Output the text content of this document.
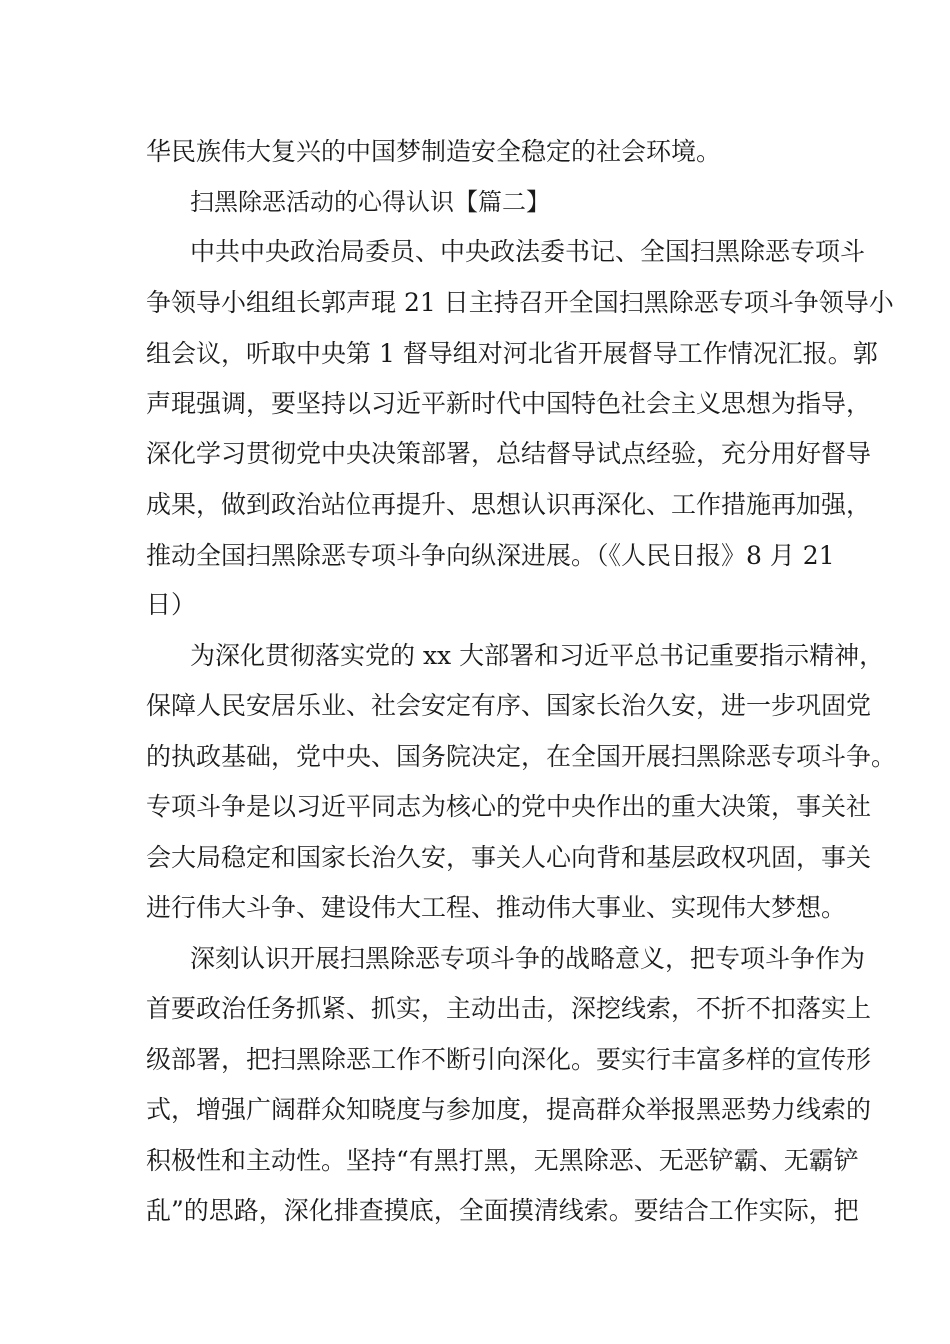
华民族伟大复兴的中国梦制造安全稳定的社会环境。
扫黑除恶活动的心得认识【篇二】
中共中央政治局委员、中央政法委书记、全国扫黑除恶专项斗
争领导小组组长郭声琨 21 日主持召开全国扫黑除恶专项斗争领导小
组会议，听取中央第 1 督导组对河北省开展督导工作情况汇报。郭
声琨强调，要坚持以习近平新时代中国特色社会主义思想为指导，
深化学习贯彻党中央决策部署，总结督导试点经验，充分用好督导
成果，做到政治站位再提升、思想认识再深化、工作措施再加强，
推动全国扫黑除恶专项斗争向纵深进展。（《人民日报》8 月 21
日）
为深化贯彻落实党的 xx 大部署和习近平总书记重要指示精神，
保障人民安居乐业、社会安定有序、国家长治久安，进一步巩固党
的执政基础，党中央、国务院决定，在全国开展扫黑除恶专项斗争。
专项斗争是以习近平同志为核心的党中央作出的重大决策，事关社
会大局稳定和国家长治久安，事关人心向背和基层政权巩固，事关
进行伟大斗争、建设伟大工程、推动伟大事业、实现伟大梦想。
深刻认识开展扫黑除恶专项斗争的战略意义，把专项斗争作为
首要政治任务抓紧、抓实，主动出击，深挖线索，不折不扣落实上
级部署，把扫黑除恶工作不断引向深化。要实行丰富多样的宣传形
式，增强广阔群众知晓度与参加度，提高群众举报黑恶势力线索的
积极性和主动性。坚持“有黑打黑，无黑除恶、无恶铲霸、无霸铲
乱”的思路，深化排查摸底，全面摸清线索。要结合工作实际，把
